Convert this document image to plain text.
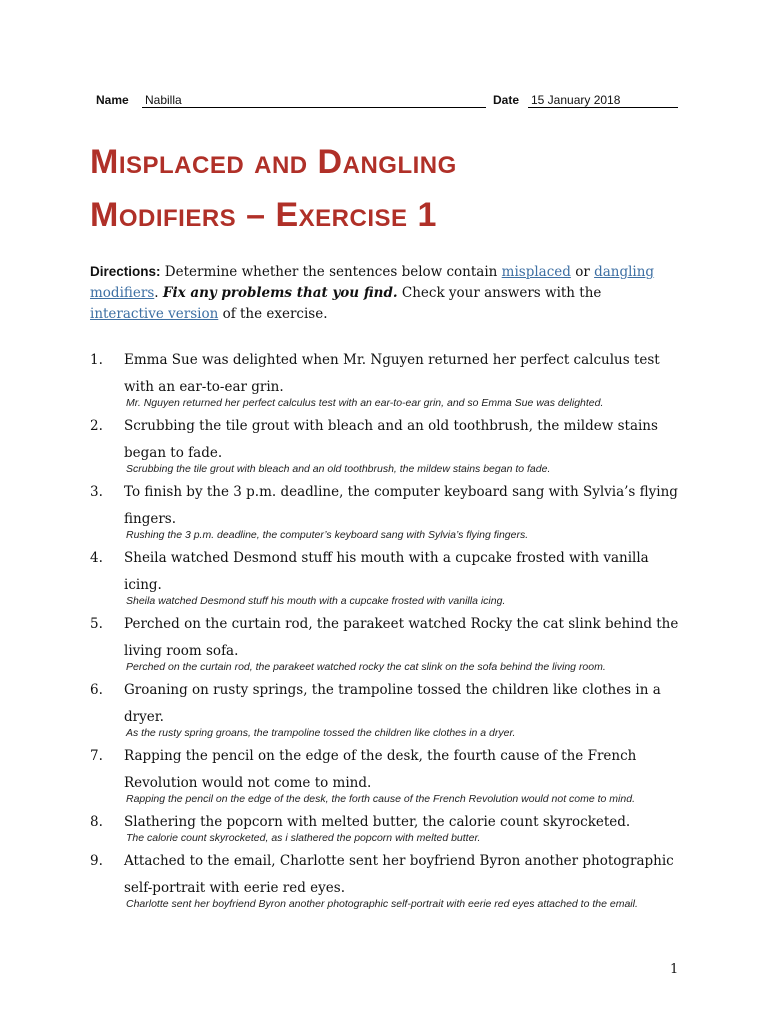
Name Nabilla	Date 15 January 2018
Misplaced and Dangling
Modifiers – Exercise 1
Directions: Determine whether the sentences below contain misplaced or dangling modifiers. Fix any problems that you find. Check your answers with the interactive version of the exercise.
1. Emma Sue was delighted when Mr. Nguyen returned her perfect calculus test with an ear-to-ear grin.
Mr. Nguyen returned her perfect calculus test with an ear-to-ear grin, and so Emma Sue was delighted.
2. Scrubbing the tile grout with bleach and an old toothbrush, the mildew stains began to fade.
Scrubbing the tile grout with bleach and an old toothbrush, the mildew stains began to fade.
3. To finish by the 3 p.m. deadline, the computer keyboard sang with Sylvia’s flying fingers.
Rushing the 3 p.m. deadline, the computer’s keyboard sang with Sylvia’s flying fingers.
4. Sheila watched Desmond stuff his mouth with a cupcake frosted with vanilla icing.
Sheila watched Desmond stuff his mouth with a cupcake frosted with vanilla icing.
5. Perched on the curtain rod, the parakeet watched Rocky the cat slink behind the living room sofa.
Perched on the curtain rod, the parakeet watched rocky the cat slink on the sofa behind the living room.
6. Groaning on rusty springs, the trampoline tossed the children like clothes in a dryer.
As the rusty spring groans, the trampoline tossed the children like clothes in a dryer.
7. Rapping the pencil on the edge of the desk, the fourth cause of the French Revolution would not come to mind.
Rapping the pencil on the edge of the desk, the forth cause of the French Revolution would not come to mind.
8. Slathering the popcorn with melted butter, the calorie count skyrocketed.
The calorie count skyrocketed, as i slathered the popcorn with melted butter.
9. Attached to the email, Charlotte sent her boyfriend Byron another photographic self-portrait with eerie red eyes.
Charlotte sent her boyfriend Byron another photographic self-portrait with eerie red eyes attached to the email.
1
